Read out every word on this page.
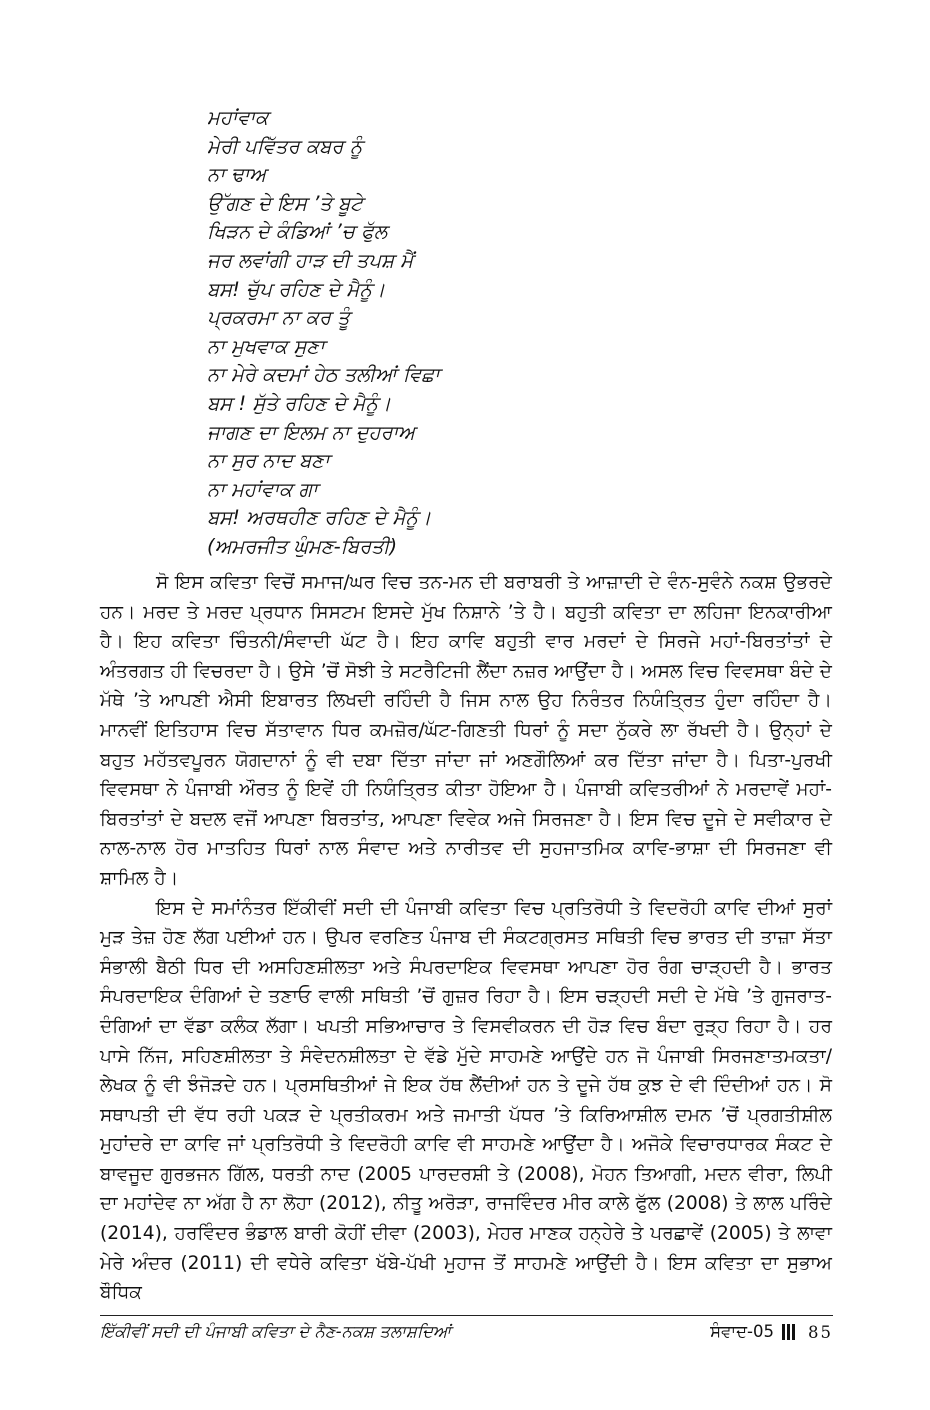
ਮਹਾਂਵਾਕ
ਮੇਰੀ ਪਵਿੱਤਰ ਕਬਰ ਨੂੰ
ਨਾ ਢਾਅ
ਉੱਗਣ ਦੇ ਇਸ ’ਤੇ ਬੂਟੇ
ਖਿੜਨ ਦੇ ਕੰਡਿਆਂ ’ਚ ਫੁੱਲ
ਜਰ ਲਵਾਂਗੀ ਹਾੜ ਦੀ ਤਪਸ਼ ਮੈਂ
ਬਸ! ਚੁੱਪ ਰਹਿਣ ਦੇ ਮੈਨੂੰ।
ਪ੍ਰਕਰਮਾ ਨਾ ਕਰ ਤੂੰ
ਨਾ ਮੁਖਵਾਕ ਸੁਣਾ
ਨਾ ਮੇਰੇ ਕਦਮਾਂ ਹੇਠ ਤਲੀਆਂ ਵਿਛਾ
ਬਸ ! ਸੁੱਤੇ ਰਹਿਣ ਦੇ ਮੈਨੂੰ।
ਜਾਗਣ ਦਾ ਇਲਮ ਨਾ ਦੁਹਰਾਅ
ਨਾ ਸੁਰ ਨਾਦ ਬਣਾ
ਨਾ ਮਹਾਂਵਾਕ ਗਾ
ਬਸ! ਅਰਥਹੀਣ ਰਹਿਣ ਦੇ ਮੈਨੂੰ।
(ਅਮਰਜੀਤ ਘੁੰਮਣ-ਬਿਰਤੀ)

ਸੋ ਇਸ ਕਵਿਤਾ ਵਿਚੋਂ ਸਮਾਜ/ਘਰ ਵਿਚ ਤਨ-ਮਨ ਦੀ ਬਰਾਬਰੀ ਤੇ ਆਜ਼ਾਦੀ ਦੇ ਵੰਨ-ਸੁਵੰਨੇ ਨਕਸ਼ ਉਭਰਦੇ ਹਨ। ਮਰਦ ਤੇ ਮਰਦ ਪ੍ਰਧਾਨ ਸਿਸਟਮ ਇਸਦੇ ਮੁੱਖ ਨਿਸ਼ਾਨੇ ’ਤੇ ਹੈ। ਬਹੁਤੀ ਕਵਿਤਾ ਦਾ ਲਹਿਜਾ ਇਨਕਾਰੀਆ ਹੈ। ਇਹ ਕਵਿਤਾ ਚਿੰਤਨੀ/ਸੰਵਾਦੀ ਘੱਟ ਹੈ। ਇਹ ਕਾਵਿ ਬਹੁਤੀ ਵਾਰ ਮਰਦਾਂ ਦੇ ਸਿਰਜੇ ਮਹਾਂ-ਬਿਰਤਾਂਤਾਂ ਦੇ ਅੰਤਰਗਤ ਹੀ ਵਿਚਰਦਾ ਹੈ। ਉਸੇ ’ਚੋਂ ਸੋਝੀ ਤੇ ਸਟਰੈਟਿਜੀ ਲੈਂਦਾ ਨਜ਼ਰ ਆਉਂਦਾ ਹੈ। ਅਸਲ ਵਿਚ ਵਿਵਸਥਾ ਬੰਦੇ ਦੇ ਮੱਥੇ ’ਤੇ ਆਪਣੀ ਐਸੀ ਇਬਾਰਤ ਲਿਖਦੀ ਰਹਿੰਦੀ ਹੈ ਜਿਸ ਨਾਲ ਉਹ ਨਿਰੰਤਰ ਨਿਯੰਤ੍ਰਿਤ ਹੁੰਦਾ ਰਹਿੰਦਾ ਹੈ। ਮਾਨਵੀਂ ਇਤਿਹਾਸ ਵਿਚ ਸੱਤਾਵਾਨ ਧਿਰ ਕਮਜ਼ੋਰ/ਘੱਟ-ਗਿਣਤੀ ਧਿਰਾਂ ਨੂੰ ਸਦਾ ਨੁੱਕਰੇ ਲਾ ਰੱਖਦੀ ਹੈ। ਉਨ੍ਹਾਂ ਦੇ ਬਹੁਤ ਮਹੱਤਵਪੂਰਨ ਯੋਗਦਾਨਾਂ ਨੂੰ ਵੀ ਦਬਾ ਦਿੱਤਾ ਜਾਂਦਾ ਜਾਂ ਅਣਗੌਲਿਆਂ ਕਰ ਦਿੱਤਾ ਜਾਂਦਾ ਹੈ। ਪਿਤਾ-ਪੁਰਖੀ ਵਿਵਸਥਾ ਨੇ ਪੰਜਾਬੀ ਔਰਤ ਨੂੰ ਇਵੇਂ ਹੀ ਨਿਯੰਤ੍ਰਿਤ ਕੀਤਾ ਹੋਇਆ ਹੈ। ਪੰਜਾਬੀ ਕਵਿਤਰੀਆਂ ਨੇ ਮਰਦਾਵੇਂ ਮਹਾਂ-ਬਿਰਤਾਂਤਾਂ ਦੇ ਬਦਲ ਵਜੋਂ ਆਪਣਾ ਬਿਰਤਾਂਤ, ਆਪਣਾ ਵਿਵੇਕ ਅਜੇ ਸਿਰਜਣਾ ਹੈ। ਇਸ ਵਿਚ ਦੂਜੇ ਦੇ ਸਵੀਕਾਰ ਦੇ ਨਾਲ-ਨਾਲ ਹੋਰ ਮਾਤਹਿਤ ਧਿਰਾਂ ਨਾਲ ਸੰਵਾਦ ਅਤੇ ਨਾਰੀਤਵ ਦੀ ਸੁਹਜਾਤਮਿਕ ਕਾਵਿ-ਭਾਸ਼ਾ ਦੀ ਸਿਰਜਣਾ ਵੀ ਸ਼ਾਮਿਲ ਹੈ।

ਇਸ ਦੇ ਸਮਾਂਨੰਤਰ ਇੱਕੀਵੀਂ ਸਦੀ ਦੀ ਪੰਜਾਬੀ ਕਵਿਤਾ ਵਿਚ ਪ੍ਰਤਿਰੋਧੀ ਤੇ ਵਿਦਰੋਹੀ ਕਾਵਿ ਦੀਆਂ ਸੁਰਾਂ ਮੁੜ ਤੇਜ਼ ਹੋਣ ਲੱਗ ਪਈਆਂ ਹਨ। ਉਪਰ ਵਰਣਿਤ ਪੰਜਾਬ ਦੀ ਸੰਕਟਗ੍ਰਸਤ ਸਥਿਤੀ ਵਿਚ ਭਾਰਤ ਦੀ ਤਾਜ਼ਾ ਸੱਤਾ ਸੰਭਾਲੀ ਬੈਠੀ ਧਿਰ ਦੀ ਅਸਹਿਣਸ਼ੀਲਤਾ ਅਤੇ ਸੰਪਰਦਾਇਕ ਵਿਵਸਥਾ ਆਪਣਾ ਹੋਰ ਰੰਗ ਚਾੜ੍ਹਦੀ ਹੈ। ਭਾਰਤ ਸੰਪਰਦਾਇਕ ਦੰਗਿਆਂ ਦੇ ਤਣਾਓ ਵਾਲੀ ਸਥਿਤੀ ’ਚੋਂ ਗੁਜ਼ਰ ਰਿਹਾ ਹੈ। ਇਸ ਚੜ੍ਹਦੀ ਸਦੀ ਦੇ ਮੱਥੇ ’ਤੇ ਗੁਜਰਾਤ-ਦੰਗਿਆਂ ਦਾ ਵੱਡਾ ਕਲੰਕ ਲੱਗਾ। ਖਪਤੀ ਸਭਿਆਚਾਰ ਤੇ ਵਿਸਵੀਕਰਨ ਦੀ ਹੋੜ ਵਿਚ ਬੰਦਾ ਰੁੜ੍ਹ ਰਿਹਾ ਹੈ। ਹਰ ਪਾਸੇ ਨਿੱਜ, ਸਹਿਣਸ਼ੀਲਤਾ ਤੇ ਸੰਵੇਦਨਸ਼ੀਲਤਾ ਦੇ ਵੱਡੇ ਮੁੱਦੇ ਸਾਹਮਣੇ ਆਉਂਦੇ ਹਨ ਜੋ ਪੰਜਾਬੀ ਸਿਰਜਣਾਤਮਕਤਾ/ਲੇਖਕ ਨੂੰ ਵੀ ਝੰਜੋੜਦੇ ਹਨ। ਪ੍ਰਸਥਿਤੀਆਂ ਜੇ ਇਕ ਹੱਥ ਲੈਂਦੀਆਂ ਹਨ ਤੇ ਦੂਜੇ ਹੱਥ ਕੁਝ ਦੇ ਵੀ ਦਿੰਦੀਆਂ ਹਨ। ਸੋ ਸਥਾਪਤੀ ਦੀ ਵੱਧ ਰਹੀ ਪਕੜ ਦੇ ਪ੍ਰਤੀਕਰਮ ਅਤੇ ਜਮਾਤੀ ਪੱਧਰ ’ਤੇ ਕਿਰਿਆਸ਼ੀਲ ਦਮਨ ’ਚੋਂ ਪ੍ਰਗਤੀਸ਼ੀਲ ਮੁਹਾਂਦਰੇ ਦਾ ਕਾਵਿ ਜਾਂ ਪ੍ਰਤਿਰੋਧੀ ਤੇ ਵਿਦਰੋਹੀ ਕਾਵਿ ਵੀ ਸਾਹਮਣੇ ਆਉਂਦਾ ਹੈ। ਅਜੋਕੇ ਵਿਚਾਰਧਾਰਕ ਸੰਕਟ ਦੇ ਬਾਵਜੂਦ ਗੁਰਭਜਨ ਗਿੱਲ, ਧਰਤੀ ਨਾਦ (2005 ਪਾਰਦਰਸ਼ੀ ਤੇ (2008), ਮੋਹਨ ਤਿਆਗੀ, ਮਦਨ ਵੀਰਾ, ਲਿਪੀ ਦਾ ਮਹਾਂਦੇਵ ਨਾ ਅੱਗ ਹੈ ਨਾ ਲੋਹਾ (2012), ਨੀਤੂ ਅਰੋੜਾ, ਰਾਜਵਿੰਦਰ ਮੀਰ ਕਾਲੇ ਫੁੱਲ (2008) ਤੇ ਲਾਲ ਪਰਿੰਦੇ (2014), ਹਰਵਿੰਦਰ ਭੰਡਾਲ ਬਾਰੀ ਕੋਹੀਂ ਦੀਵਾ (2003), ਮੇਹਰ ਮਾਣਕ ਹਨ੍ਹੇਰੇ ਤੇ ਪਰਛਾਵੇਂ (2005) ਤੇ ਲਾਵਾ ਮੇਰੇ ਅੰਦਰ (2011) ਦੀ ਵਧੇਰੇ ਕਵਿਤਾ ਖੱਬੇ-ਪੱਖੀ ਮੁਹਾਜ ਤੋਂ ਸਾਹਮਣੇ ਆਉਂਦੀ ਹੈ। ਇਸ ਕਵਿਤਾ ਦਾ ਸੁਭਾਅ ਬੌਧਿਕ

ਇੱਕੀਵੀਂ ਸਦੀ ਦੀ ਪੰਜਾਬੀ ਕਵਿਤਾ ਦੇ ਨੈਣ-ਨਕਸ਼ ਤਲਾਸ਼ਦਿਆਂ	ਸੰਵਾਦ-05 85
